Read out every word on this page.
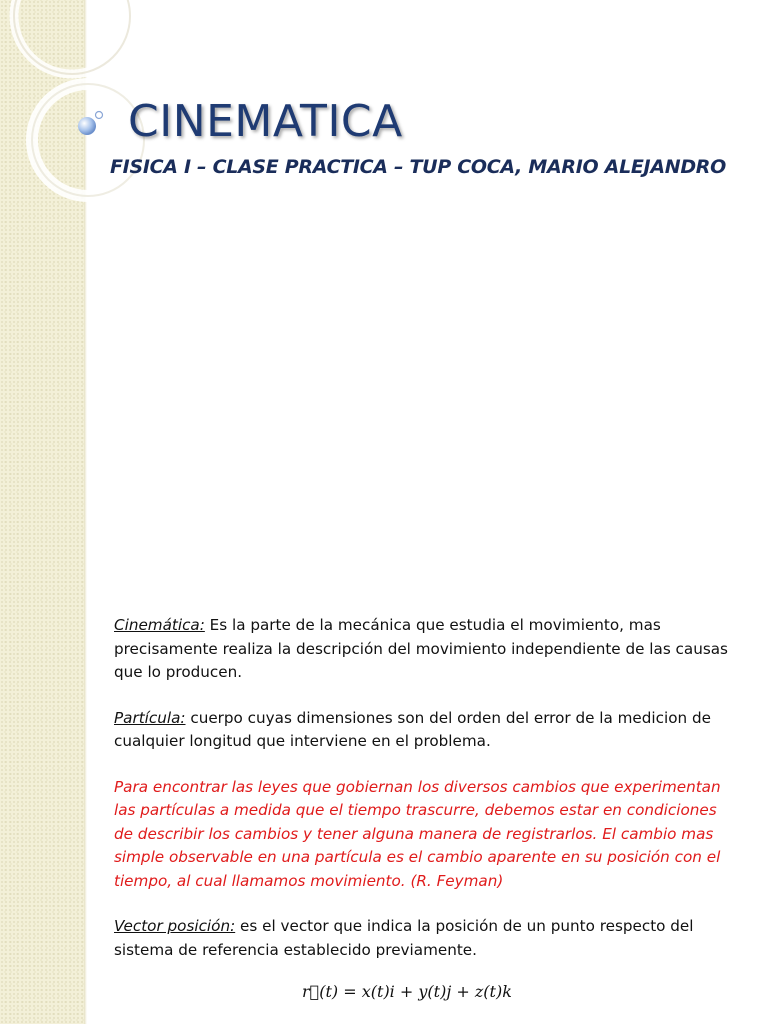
CINEMATICA
FISICA I – CLASE PRACTICA – TUP COCA, MARIO ALEJANDRO

Cinemática: Es la parte de la mecánica que estudia el movimiento, mas precisamente realiza la descripción del movimiento independiente de las causas que lo producen.

Partícula: cuerpo cuyas dimensiones son del orden del error de la medicion de cualquier longitud que interviene en el problema.

Para encontrar las leyes que gobiernan los diversos cambios que experimentan las partículas a medida que el tiempo trascurre, debemos estar en condiciones de describir los cambios y tener alguna manera de registrarlos. El cambio mas simple observable en una partícula es el cambio aparente en su posición con el tiempo, al cual llamamos movimiento. (R. Feyman)

Vector posición: es el vector que indica la posición de un punto respecto del sistema de referencia establecido previamente.

r⃗(t) = x(t)i + y(t)j + z(t)k
